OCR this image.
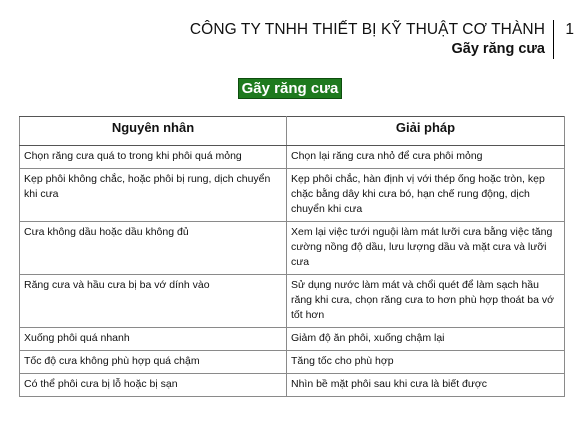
CÔNG TY TNHH THIẾT BỊ KỸ THUẬT CƠ THÀNH
Gãy răng cưa
1
Gãy răng cưa
Nguyên nhân	Giải pháp
Chọn răng cưa quá to trong khi phôi quá mỏng	Chọn lại răng cưa nhỏ để cưa phôi mỏng
Kẹp phôi không chắc, hoặc phôi bị rung, dịch chuyển khi cưa	Kẹp phôi chắc, hàn định vị với thép ống hoặc tròn, kẹp chặc bằng dây khi cưa bó, hạn chế rung động, dịch chuyển khi cưa
Cưa không dầu hoặc dầu không đủ	Xem lại việc tưới nguội làm mát lưỡi cưa bằng việc tăng cường nồng độ dầu, lưu lượng dầu và mặt cưa và lưỡi cưa
Răng cưa và hầu cưa bị ba vớ dính vào	Sử dụng nước làm mát và chổi quét để làm sạch hầu răng khi cưa, chọn răng cưa to hơn phù hợp thoát ba vớ tốt hơn
Xuống phôi quá nhanh	Giảm độ ăn phôi, xuống chậm lại
Tốc độ cưa không phù hợp quá chậm	Tăng tốc cho phù hợp
Có thể phôi cưa bị lỗ hoặc bị sạn	Nhìn bề mặt phôi sau khi cưa là biết được
